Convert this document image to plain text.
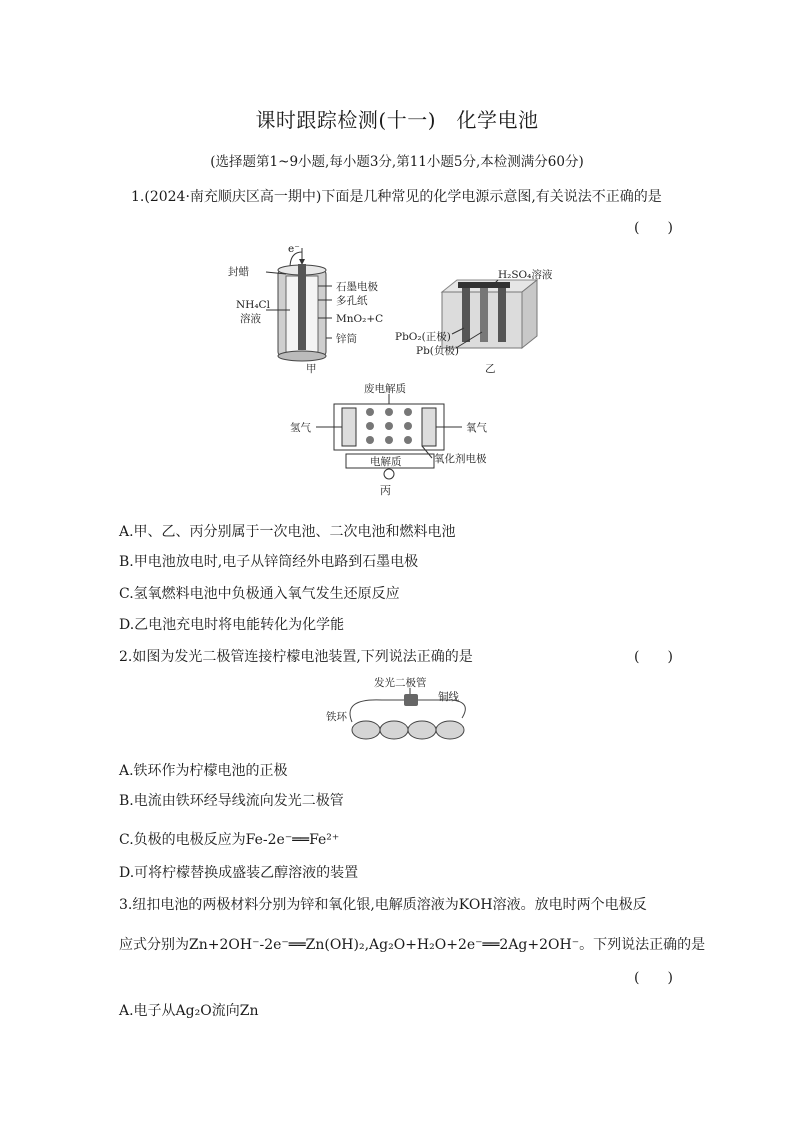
课时跟踪检测(十一)　化学电池
(选择题第1~9小题,每小题3分,第11小题5分,本检测满分60分)
1.(2024·南充顺庆区高一期中)下面是几种常见的化学电源示意图,有关说法不正确的是
(　　)
e⁻
封蜡
NH₄Cl
溶液
石墨电极
多孔纸
MnO₂+C
锌筒
甲
H₂SO₄溶液
PbO₂(正极)
Pb(负极)
乙
废电解质
氢气	氧气
电解质	氧化剂电极
丙
A.甲、乙、丙分别属于一次电池、二次电池和燃料电池
B.甲电池放电时,电子从锌筒经外电路到石墨电极
C.氢氧燃料电池中负极通入氧气发生还原反应
D.乙电池充电时将电能转化为化学能
2.如图为发光二极管连接柠檬电池装置,下列说法正确的是	(　　)
发光二极管
铜线
铁环
A.铁环作为柠檬电池的正极
B.电流由铁环经导线流向发光二极管
C.负极的电极反应为Fe-2e⁻══Fe²⁺
D.可将柠檬替换成盛装乙醇溶液的装置
3.纽扣电池的两极材料分别为锌和氧化银,电解质溶液为KOH溶液。放电时两个电极反
应式分别为Zn+2OH⁻-2e⁻══Zn(OH)₂,Ag₂O+H₂O+2e⁻══2Ag+2OH⁻。下列说法正确的是
(　　)
A.电子从Ag₂O流向Zn
